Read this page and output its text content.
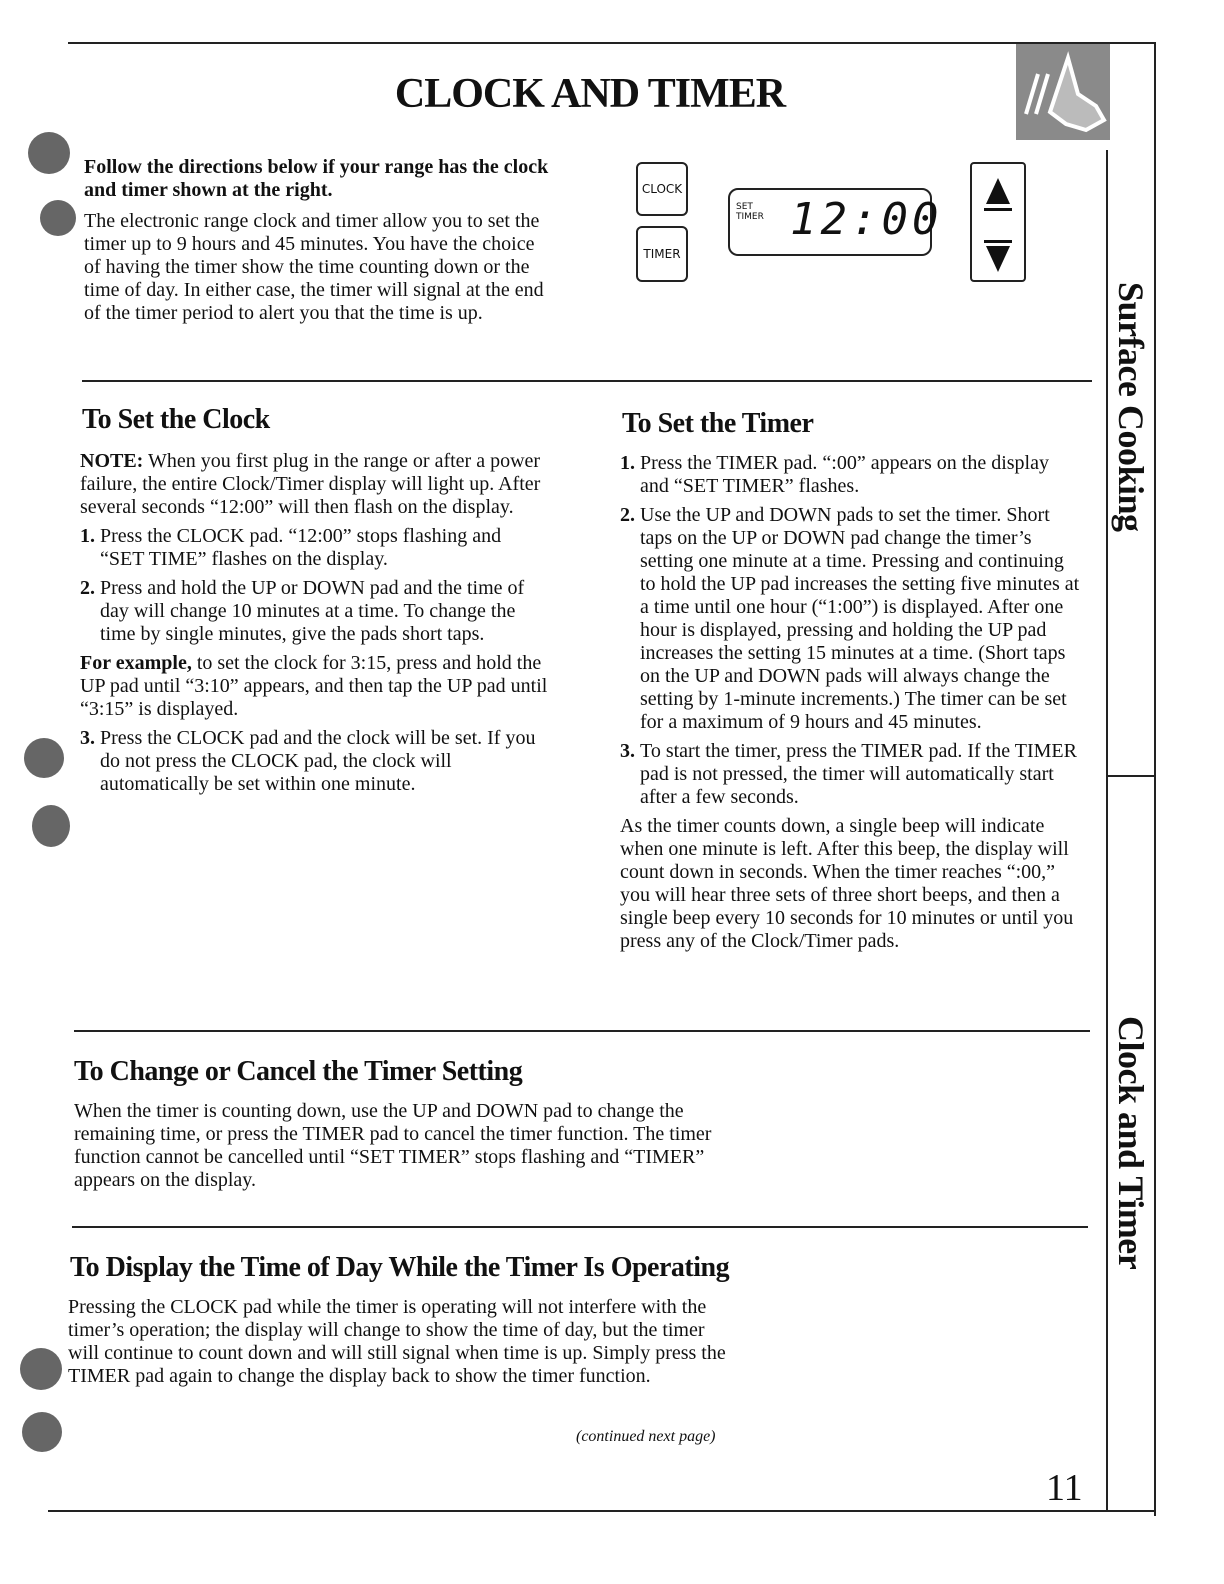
CLOCK AND TIMER

Follow the directions below if your range has the clock and timer shown at the right.

The electronic range clock and timer allow you to set the timer up to 9 hours and 45 minutes. You have the choice of having the timer show the time counting down or the time of day. In either case, the timer will signal at the end of the timer period to alert you that the time is up.

CLOCK
TIMER
SET
TIMER 12:00
To Set the Clock

NOTE: When you first plug in the range or after a power failure, the entire Clock/Timer display will light up. After several seconds “12:00” will then flash on the display.

1. Press the CLOCK pad. “12:00” stops flashing and “SET TIME” flashes on the display.
2. Press and hold the UP or DOWN pad and the time of day will change 10 minutes at a time. To change the time by single minutes, give the pads short taps.

For example, to set the clock for 3:15, press and hold the UP pad until “3:10” appears, and then tap the UP pad until “3:15” is displayed.

3. Press the CLOCK pad and the clock will be set. If you do not press the CLOCK pad, the clock will automatically be set within one minute.
To Set the Timer
1. Press the TIMER pad. “:00” appears on the display and “SET TIMER” flashes.
2. Use the UP and DOWN pads to set the timer. Short taps on the UP or DOWN pad change the timer’s setting one minute at a time. Pressing and continuing to hold the UP pad increases the setting five minutes at a time until one hour (“1:00”) is displayed. After one hour is displayed, pressing and holding the UP pad increases the setting 15 minutes at a time. (Short taps on the UP and DOWN pads will always change the setting by 1-minute increments.) The timer can be set for a maximum of 9 hours and 45 minutes.
3. To start the timer, press the TIMER pad. If the TIMER pad is not pressed, the timer will automatically start after a few seconds.

As the timer counts down, a single beep will indicate when one minute is left. After this beep, the display will count down in seconds. When the timer reaches “:00,” you will hear three sets of three short beeps, and then a single beep every 10 seconds for 10 minutes or until you press any of the Clock/Timer pads.

To Change or Cancel the Timer Setting
When the timer is counting down, use the UP and DOWN pad to change the remaining time, or press the TIMER pad to cancel the timer function. The timer function cannot be cancelled until “SET TIMER” stops flashing and “TIMER” appears on the display.
To Display the Time of Day While the Timer Is Operating
Pressing the CLOCK pad while the timer is operating will not interfere with the timer’s operation; the display will change to show the time of day, but the timer will continue to count down and will still signal when time is up. Simply press the TIMER pad again to change the display back to show the timer function.
(continued next page)
11
Surface Cooking
Clock and Timer
